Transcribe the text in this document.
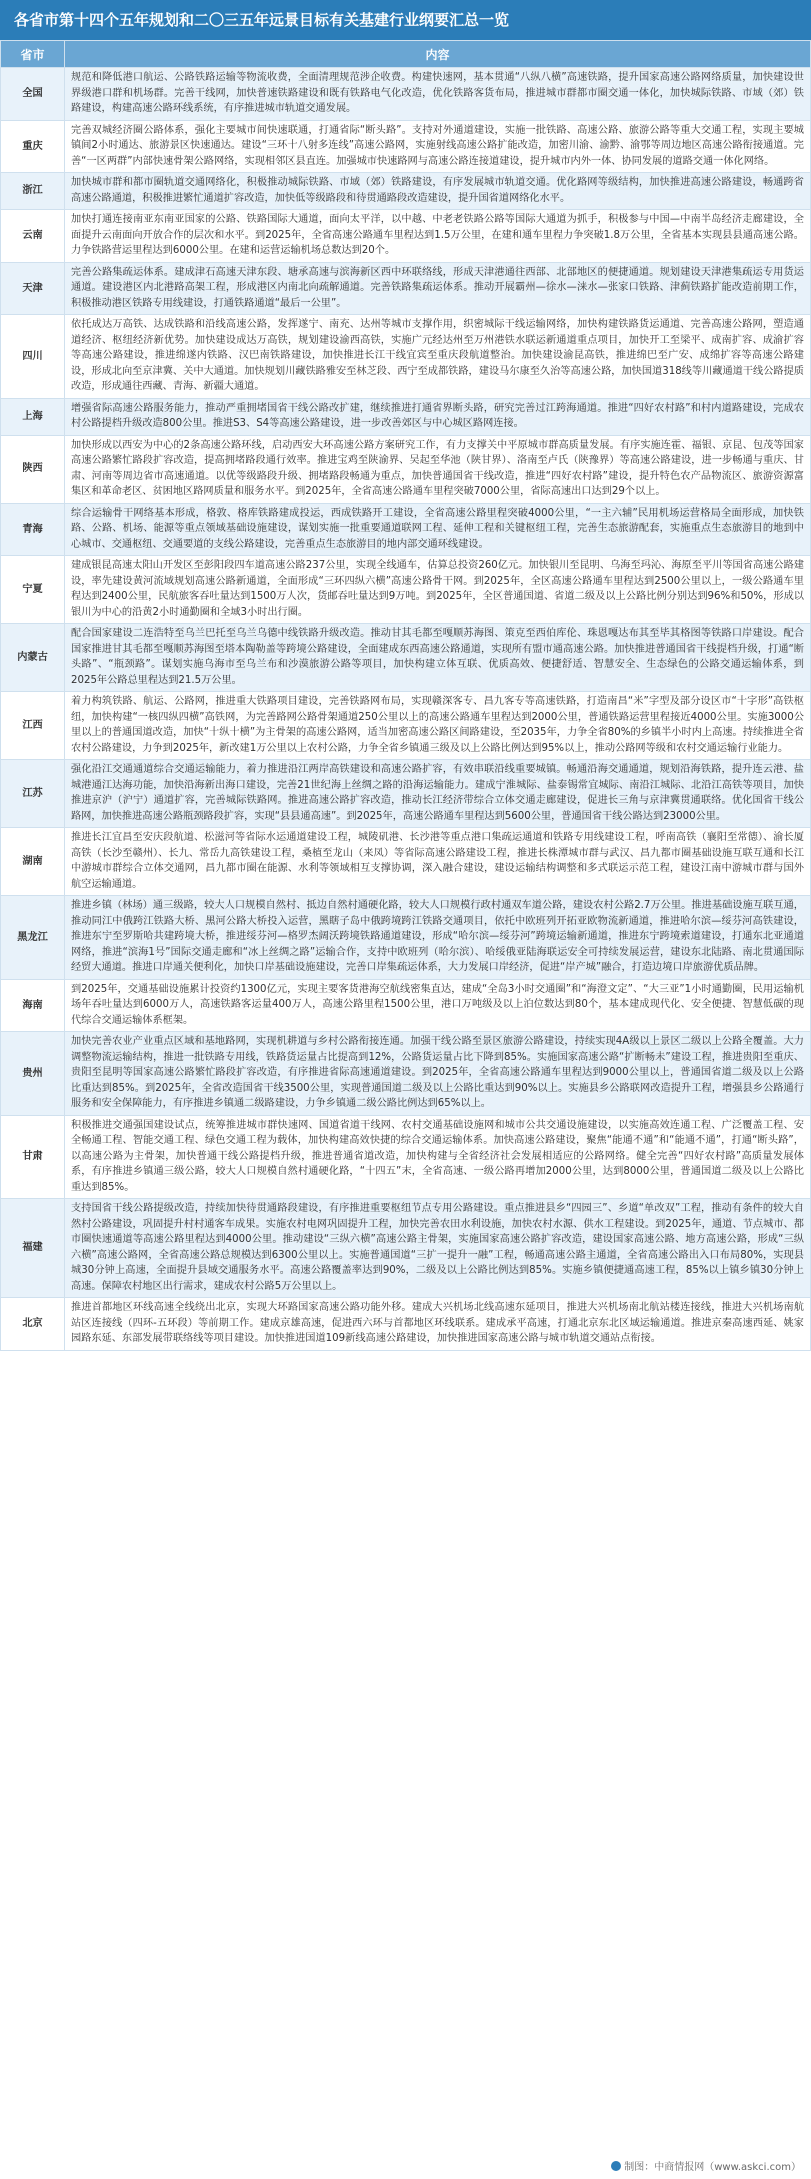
各省市第十四个五年规划和二〇三五年远景目标有关基建行业纲要汇总一览
省市	内容
全国	规范和降低港口航运、公路铁路运输等物流收费，全面清理规范涉企收费。构建快速网，基本贯通“八纵八横”高速铁路，提升国家高速公路网络质量，加快建设世界级港口群和机场群。完善干线网，加快普速铁路建设和既有铁路电气化改造，优化铁路客货布局，推进城市群都市圈交通一体化，加快城际铁路、市域（郊）铁路建设，构建高速公路环线系统，有序推进城市轨道交通发展。
重庆	完善双城经济圈公路体系，强化主要城市间快速联通，打通省际“断头路”。支持对外通道建设，实施一批铁路、高速公路、旅游公路等重大交通工程，实现主要城镇间2小时通达、旅游景区快速通达。建设“三环十八射多连线”高速公路网，实施射线高速公路扩能改造，加密川渝、渝黔、渝鄂等周边地区高速公路衔接通道。完善“一区两群”内部快速骨架公路网络，实现相邻区县直连。加强城市快速路网与高速公路连接道建设，提升城市内外一体、协同发展的道路交通一体化网络。
浙江	加快城市群和都市圈轨道交通网络化，积极推动城际铁路、市域（郊）铁路建设，有序发展城市轨道交通。优化路网等级结构，加快推进高速公路建设，畅通跨省高速公路通道，积极推进繁忙通道扩容改造，加快低等级路段和待贯通路段改造建设，提升国省道网络化水平。
云南	加快打通连接南亚东南亚国家的公路、铁路国际大通道，面向太平洋，以中越、中老老铁路公路等国际大通道为抓手，积极参与中国—中南半岛经济走廊建设，全面提升云南面向开放合作的层次和水平。到2025年，全省高速公路通车里程达到1.5万公里，在建和通车里程力争突破1.8万公里，全省基本实现县县通高速公路。力争铁路营运里程达到6000公里。在建和运营运输机场总数达到20个。
天津	完善公路集疏运体系。建成津石高速天津东段、塘承高速与滨海新区西中环联络线，形成天津港通往西部、北部地区的便捷通道。规划建设天津港集疏运专用货运通道。建设港区内北港路高架工程，形成港区内南北向疏解通道。完善铁路集疏运体系。推动开展霸州—徐水—涞水—张家口铁路、津蓟铁路扩能改造前期工作，积极推动港区铁路专用线建设，打通铁路通道“最后一公里”。
四川	依托成达万高铁、达成铁路和沿线高速公路，发挥遂宁、南充、达州等城市支撑作用，织密城际干线运输网络，加快构建铁路货运通道、完善高速公路网，塑造通道经济、枢纽经济新优势。加快建设成达万高铁，规划建设渝西高铁，实施广元经达州至万州港铁水联运新通道重点项目，加快开工至梁平、成南扩容、成渝扩容等高速公路建设，推进绵遂内铁路、汉巴南铁路建设，加快推进长江干线宜宾至重庆段航道整治。加快建设渝昆高铁，推进绵巴至广安、成绵扩容等高速公路建设，形成北向至京津冀、关中大通道。加快规划川藏铁路雅安至林芝段、西宁至成都铁路，建设马尔康至久治等高速公路，加快国道318线等川藏通道干线公路提质改造，形成通往西藏、青海、新疆大通道。
上海	增强省际高速公路服务能力，推动严重拥堵国省干线公路改扩建，继续推进打通省界断头路，研究完善过江跨海通道。推进“四好农村路”和村内道路建设，完成农村公路提档升级改造800公里。推进S3、S4等高速公路建设，进一步改善郊区与中心城区路网连接。
陕西	加快形成以西安为中心的2条高速公路环线，启动西安大环高速公路方案研究工作，有力支撑关中平原城市群高质量发展。有序实施连霍、福银、京昆、包茂等国家高速公路繁忙路段扩容改造，提高拥堵路段通行效率。推进宝鸡至陕渝界、吴起至华池（陕甘界）、洛南至卢氏（陕豫界）等高速公路建设，进一步畅通与重庆、甘肃、河南等周边省市高速通道。以优等级路段升级、拥堵路段畅通为重点，加快普通国省干线改造，推进“四好农村路”建设，提升特色农产品物流区、旅游资源富集区和革命老区、贫困地区路网质量和服务水平。到2025年，全省高速公路通车里程突破7000公里，省际高速出口达到29个以上。
青海	综合运输骨干网络基本形成，格敦、格库铁路建成投运，西成铁路开工建设，全省高速公路里程突破4000公里，“一主六辅”民用机场运营格局全面形成，加快铁路、公路、机场、能源等重点领域基础设施建设，谋划实施一批重要通道联网工程、延伸工程和关键枢纽工程，完善生态旅游配套，实施重点生态旅游目的地到中心城市、交通枢纽、交通要道的支线公路建设，完善重点生态旅游目的地内部交通环线建设。
宁夏	建成银昆高速太阳山开发区至彭阳段四车道高速公路237公里，实现全线通车，估算总投资260亿元。加快银川至昆明、乌海至玛沁、海原至平川等国省高速公路建设，率先建设黄河流域规划高速公路新通道，全面形成“三环四纵六横”高速公路骨干网。到2025年，全区高速公路通车里程达到2500公里以上，一级公路通车里程达到2400公里，民航旅客吞吐量达到1500万人次，货邮吞吐量达到9万吨。到2025年，全区普通国道、省道二级及以上公路比例分别达到96%和50%，形成以银川为中心的沿黄2小时通勤圈和全域3小时出行圈。
内蒙古	配合国家建设二连浩特至乌兰巴托至乌兰乌德中线铁路升级改造。推动甘其毛都至嘎顺苏海图、策克至西伯库伦、珠恩嘎达布其至毕其格图等铁路口岸建设。配合国家推进甘其毛都至嘎顺苏海图至塔本陶勒盖等跨境公路建设，全面建成东西高速公路通道，实现所有盟市通高速公路。加快推进普通国省干线提档升级，打通“断头路”、“瓶颈路”。谋划实施乌海市至乌兰布和沙漠旅游公路等项目，加快构建立体互联、优质高效、便捷舒适、智慧安全、生态绿色的公路交通运输体系，到2025年公路总里程达到21.5万公里。
江西	着力构筑铁路、航运、公路网，推进重大铁路项目建设，完善铁路网布局，实现赣深客专、昌九客专等高速铁路，打造南昌“米”字型及部分设区市“十字形”高铁枢纽，加快构建“一核四纵四横”高铁网，为完善路网公路骨架通道250公里以上的高速公路通车里程达到2000公里，普通铁路运营里程接近4000公里。实施3000公里以上的普通国道改造，加快“十纵十横”为主骨架的高速公路网，适当加密高速公路区间路建设，至2035年，力争全省80%的乡镇半小时内上高速。持续推进全省农村公路建设，力争到2025年，新改建1万公里以上农村公路，力争全省乡镇通三级及以上公路比例达到95%以上，推动公路网等级和农村交通运输行业能力。
江苏	强化沿江交通通道综合交通运输能力，着力推进沿江两岸高铁建设和高速公路扩容，有效串联沿线重要城镇。畅通沿海交通通道，规划沿海铁路，提升连云港、盐城港通江达海功能，加快沿海新出海口建设，完善21世纪海上丝绸之路的沿海运输能力。建成宁淮城际、盐泰锡常宜城际、南沿江城际、北沿江高铁等项目，加快推进京沪（沪宁）通道扩容，完善城际铁路网。推进高速公路扩容改造，推动长江经济带综合立体交通走廊建设，促进长三角与京津冀贯通联络。优化国省干线公路网，加快推进高速公路瓶颈路段扩容，实现“县县通高速”。到2025年，高速公路通车里程达到5600公里，普通国省干线公路达到23000公里。
湖南	推进长江宜昌至安庆段航道、松滋河等省际水运通道建设工程，城陵矶港、长沙港等重点港口集疏运通道和铁路专用线建设工程，呼南高铁（襄阳至常德）、渝长厦高铁（长沙至赣州）、长九、常岳九高铁建设工程，桑植至龙山（来凤）等省际高速公路建设工程，推进长株潭城市群与武汉、昌九都市圈基础设施互联互通和长江中游城市群综合立体交通网，昌九都市圈在能源、水利等领域相互支撑协调，深入融合建设，建设运输结构调整和多式联运示范工程，建设江南中游城市群与国外航空运输通道。
黑龙江	推进乡镇（林场）通三级路，较大人口规模自然村、抵边自然村通硬化路，较大人口规模行政村通双车道公路，建设农村公路2.7万公里。推进基础设施互联互通，推动同江中俄跨江铁路大桥、黑河公路大桥投入运营，黑瞎子岛中俄跨境跨江铁路交通项目，依托中欧班列开拓亚欧物流新通道，推进哈尔滨—绥芬河高铁建设，推进东宁至罗斯哈共建跨境大桥，推进绥芬河—格罗杰阔沃跨境铁路通道建设，形成“哈尔滨—绥芬河”跨境运输新通道，推进东宁跨境索道建设，打通东北亚通道网络，推进“滨海1号”国际交通走廊和“冰上丝绸之路”运输合作，支持中欧班列（哈尔滨）、哈绥俄亚陆海联运安全可持续发展运营，建设东北陆路、南北贯通国际经贸大通道。推进口岸通关便利化，加快口岸基础设施建设，完善口岸集疏运体系，大力发展口岸经济，促进“岸产城”融合，打造边境口岸旅游优质品牌。
海南	到2025年，交通基础设施累计投资约1300亿元，实现主要客货港海空航线密集直达，建成“全岛3小时交通圈”和“海澄文定”、“大三亚”1小时通勤圈，民用运输机场年吞吐量达到6000万人，高速铁路客运量400万人，高速公路里程1500公里，港口万吨级及以上泊位数达到80个，基本建成现代化、安全便捷、智慧低碳的现代综合交通运输体系框架。
贵州	加快完善农业产业重点区域和基地路网，实现机耕道与乡村公路衔接连通。加强干线公路至景区旅游公路建设，持续实现4A级以上景区二级以上公路全覆盖。大力调整物流运输结构，推进一批铁路专用线，铁路货运量占比提高到12%，公路货运量占比下降到85%。实施国家高速公路“扩断畅未”建设工程，推进贵阳至重庆、贵阳至昆明等国家高速公路繁忙路段扩容改造，有序推进省际高速通道建设。到2025年，全省高速公路通车里程达到9000公里以上，普通国省道二级及以上公路比重达到85%。到2025年，全省改造国省干线3500公里，实现普通国道二级及以上公路比重达到90%以上。实施县乡公路联网改造提升工程，增强县乡公路通行服务和安全保障能力，有序推进乡镇通二级路建设，力争乡镇通二级公路比例达到65%以上。
甘肃	积极推进交通强国建设试点，统筹推进城市群快速网、国道省道干线网、农村交通基础设施网和城市公共交通设施建设，以实施高效连通工程、广泛覆盖工程、安全畅通工程、智能交通工程、绿色交通工程为载体，加快构建高效快捷的综合交通运输体系。加快高速公路建设，聚焦“能通不通”和“能通不通”，打通“断头路”，以高速公路为主骨架，加快普通干线公路提档升级，推进普通省道改造，加快构建与全省经济社会发展相适应的公路网络。健全完善“四好农村路”高质量发展体系，有序推进乡镇通三级公路，较大人口规模自然村通硬化路，“十四五”末，全省高速、一级公路再增加2000公里，达到8000公里，普通国道二级及以上公路比重达到85%。
福建	支持国省干线公路提级改造，持续加快待贯通路段建设，有序推进重要枢纽节点专用公路建设。重点推进县乡“四园三”、乡道“单改双”工程，推动有条件的较大自然村公路建设，巩固提升村村通客车成果。实施农村电网巩固提升工程，加快完善农田水利设施，加快农村水源、供水工程建设。到2025年，通道、节点城市、都市圈快速通道等高速公路里程达到4000公里。推动建设“三纵六横”高速公路主骨架，实施国家高速公路扩容改造，建设国家高速公路、地方高速公路，形成“三纵六横”高速公路网，全省高速公路总规模达到6300公里以上。实施普通国道“三扩一提升一融”工程，畅通高速公路主通道，全省高速公路出入口布局80%，实现县城30分钟上高速，全面提升县域交通服务水平。高速公路覆盖率达到90%，二级及以上公路比例达到85%。实施乡镇便捷通高速工程，85%以上镇乡镇30分钟上高速。保障农村地区出行需求，建成农村公路5万公里以上。
北京	推进首都地区环线高速全线绕出北京，实现大环路国家高速公路功能外移。建成大兴机场北线高速东延项目，推进大兴机场南北航站楼连接线，推进大兴机场南航站区连接线（四环-五环段）等前期工作。建成京雄高速，促进西六环与首都地区环线联系。建成承平高速，打通北京东北区域运输通道。推进京秦高速西延、姚家园路东延、东部发展带联络线等项目建设。加快推进国道109新线高速公路建设，加快推进国家高速公路与城市轨道交通站点衔接。
制图：中商情报网（www.askci.com）
